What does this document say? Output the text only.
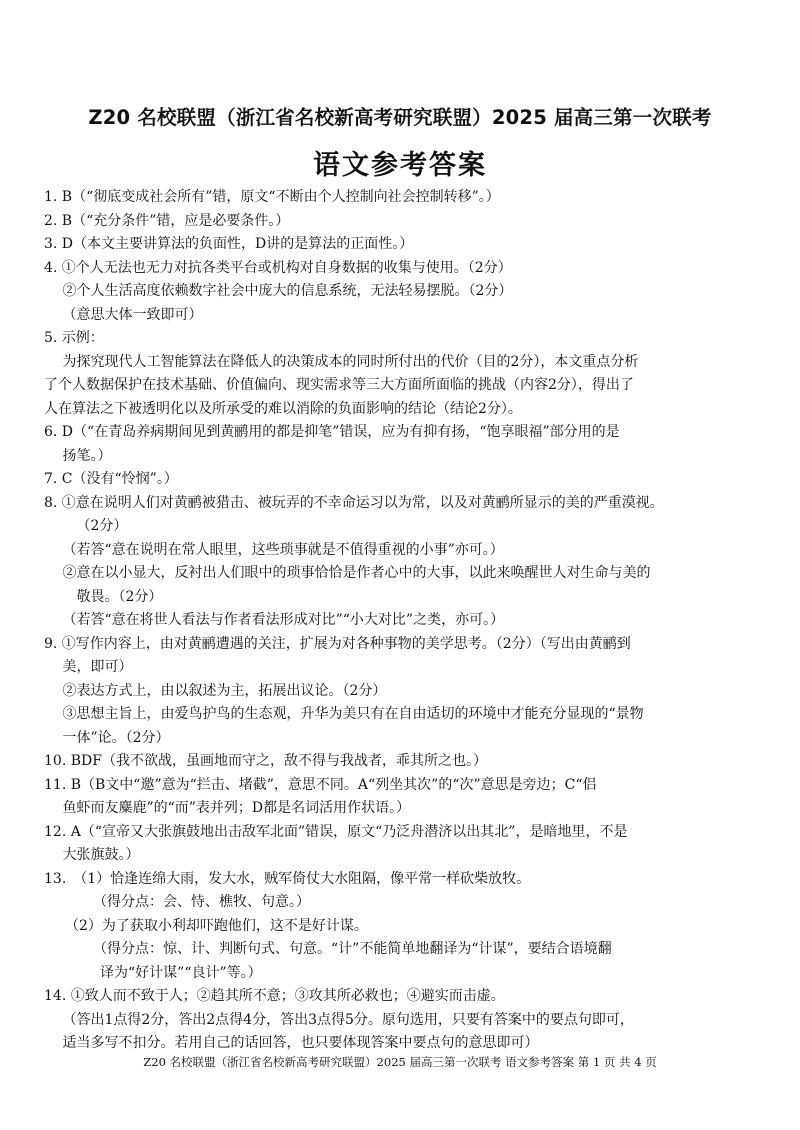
Z20 名校联盟（浙江省名校新高考研究联盟）2025 届高三第一次联考
语文参考答案
1. B（“彻底变成社会所有”错，原文“不断由个人控制向社会控制转移”。）
2. B（“充分条件”错，应是必要条件。）
3. D（本文主要讲算法的负面性，D讲的是算法的正面性。）
4. ①个人无法也无力对抗各类平台或机构对自身数据的收集与使用。（2分）
　 ②个人生活高度依赖数字社会中庞大的信息系统，无法轻易摆脱。（2分）
　 （意思大体一致即可）
5. 示例：
　 为探究现代人工智能算法在降低人的决策成本的同时所付出的代价（目的2分），本文重点分析
了个人数据保护在技术基础、价值偏向、现实需求等三大方面所面临的挑战（内容2分），得出了
人在算法之下被透明化以及所承受的难以消除的负面影响的结论（结论2分）。
6. D（“在青岛养病期间见到黄鹂用的都是抑笔”错误，应为有抑有扬，“饱享眼福”部分用的是
　 扬笔。）
7. C（没有“怜悯”。）
8. ①意在说明人们对黄鹂被猎击、被玩弄的不幸命运习以为常，以及对黄鹂所显示的美的严重漠视。
　　 （2分）
　 （若答“意在说明在常人眼里，这些琐事就是不值得重视的小事”亦可。）
　 ②意在以小显大，反衬出人们眼中的琐事恰恰是作者心中的大事，以此来唤醒世人对生命与美的
　　 敬畏。（2分）
　 （若答“意在将世人看法与作者看法形成对比”“小大对比”之类，亦可。）
9. ①写作内容上，由对黄鹂遭遇的关注，扩展为对各种事物的美学思考。（2分）（写出由黄鹂到
　 美，即可）
　 ②表达方式上，由以叙述为主，拓展出议论。（2分）
　 ③思想主旨上，由爱鸟护鸟的生态观，升华为美只有在自由适切的环境中才能充分显现的“景物
　 一体”论。（2分）
10. BDF（我不欲战，虽画地而守之，敌不得与我战者，乖其所之也。）
11. B（B文中“邀”意为“拦击、堵截”，意思不同。A“列坐其次”的“次”意思是旁边；C“侣
　 鱼虾而友麋鹿”的“而”表并列；D都是名词活用作状语。）
12. A（“宣帝又大张旗鼓地出击敌军北面”错误，原文“乃泛舟潜济以出其北”，是暗地里，不是
　 大张旗鼓。）
13.　（1）恰逢连绵大雨，发大水，贼军倚仗大水阻隔，像平常一样砍柴放牧。
　　　　（得分点：会、恃、樵牧、句意。）
　　（2）为了获取小利却吓跑他们，这不是好计谋。
　　　　（得分点：惊、计、判断句式、句意。“计”不能简单地翻译为“计谋”，要结合语境翻
　　　　译为“好计谋”“良计”等。）
14. ①致人而不致于人；②趋其所不意；③攻其所必救也；④避实而击虚。
　 （答出1点得2分，答出2点得4分，答出3点得5分。原句选用，只要有答案中的要点句即可，
　 适当多写不扣分。若用自己的话回答，也只要体现答案中要点句的意思即可）
Z20 名校联盟（浙江省名校新高考研究联盟）2025 届高三第一次联考 语文参考答案 第 1 页 共 4 页
